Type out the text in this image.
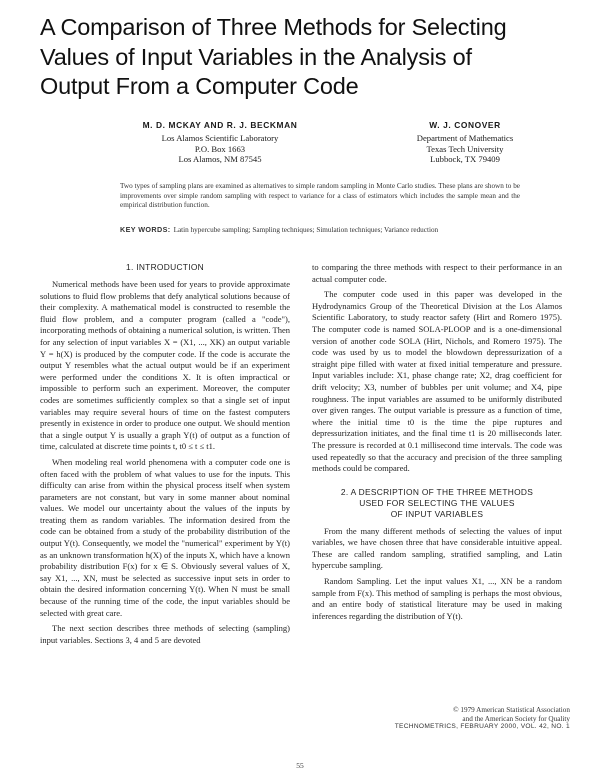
A Comparison of Three Methods for Selecting
Values of Input Variables in the Analysis of
Output From a Computer Code
M. D. MCKAY AND R. J. BECKMAN
Los Alamos Scientific Laboratory
P.O. Box 1663
Los Alamos, NM 87545
W. J. CONOVER
Department of Mathematics
Texas Tech University
Lubbock, TX 79409
Two types of sampling plans are examined as alternatives to simple random sampling in Monte Carlo studies. These plans are shown to be improvements over simple random sampling with respect to variance for a class of estimators which includes the sample mean and the empirical distribution function.
KEY WORDS: Latin hypercube sampling; Sampling techniques; Simulation techniques; Variance reduction
1. INTRODUCTION

Numerical methods have been used for years to provide approximate solutions to fluid flow problems that defy analytical solutions because of their complexity. A mathematical model is constructed to resemble the fluid flow problem, and a computer program (called a "code"), incorporating methods of obtaining a numerical solution, is written. Then for any selection of input variables X = (X1, ..., XK) an output variable Y = h(X) is produced by the computer code. If the code is accurate the output Y resembles what the actual output would be if an experiment were performed under the conditions X. It is often impractical or impossible to perform such an experiment. Moreover, the computer codes are sometimes sufficiently complex so that a single set of input variables may require several hours of time on the fastest computers presently in existence in order to produce one output. We should mention that a single output Y is usually a graph Y(t) of output as a function of time, calculated at discrete time points t, t0 ≤ t ≤ t1.

When modeling real world phenomena with a computer code one is often faced with the problem of what values to use for the inputs. This difficulty can arise from within the physical process itself when system parameters are not constant, but vary in some manner about nominal values. We model our uncertainty about the values of the inputs by treating them as random variables. The information desired from the code can be obtained from a study of the probability distribution of the output Y(t). Consequently, we model the "numerical" experiment by Y(t) as an unknown transformation h(X) of the inputs X, which have a known probability distribution F(x) for x ∈ S. Obviously several values of X, say X1, ..., XN, must be selected as successive input sets in order to obtain the desired information concerning Y(t). When N must be small because of the running time of the code, the input variables should be selected with great care.

The next section describes three methods of selecting (sampling) input variables. Sections 3, 4 and 5 are devoted

to comparing the three methods with respect to their performance in an actual computer code.

The computer code used in this paper was developed in the Hydrodynamics Group of the Theoretical Division at the Los Alamos Scientific Laboratory, to study reactor safety (Hirt and Romero 1975). The computer code is named SOLA-PLOOP and is a one-dimensional version of another code SOLA (Hirt, Nichols, and Romero 1975). The code was used by us to model the blowdown depressurization of a straight pipe filled with water at fixed initial temperature and pressure. Input variables include: X1, phase change rate; X2, drag coefficient for drift velocity; X3, number of bubbles per unit volume; and X4, pipe roughness. The input variables are assumed to be uniformly distributed over given ranges. The output variable is pressure as a function of time, where the initial time t0 is the time the pipe ruptures and depressurization initiates, and the final time t1 is 20 milliseconds later. The pressure is recorded at 0.1 millisecond time intervals. The code was used repeatedly so that the accuracy and precision of the three sampling methods could be compared.

2. A DESCRIPTION OF THE THREE METHODS
USED FOR SELECTING THE VALUES
OF INPUT VARIABLES

From the many different methods of selecting the values of input variables, we have chosen three that have considerable intuitive appeal. These are called random sampling, stratified sampling, and Latin hypercube sampling.

Random Sampling. Let the input values X1, ..., XN be a random sample from F(x). This method of sampling is perhaps the most obvious, and an entire body of statistical literature may be used in making inferences regarding the distribution of Y(t).

© 1979 American Statistical Association
and the American Society for Quality
TECHNOMETRICS, FEBRUARY 2000, VOL. 42, NO. 1
55
